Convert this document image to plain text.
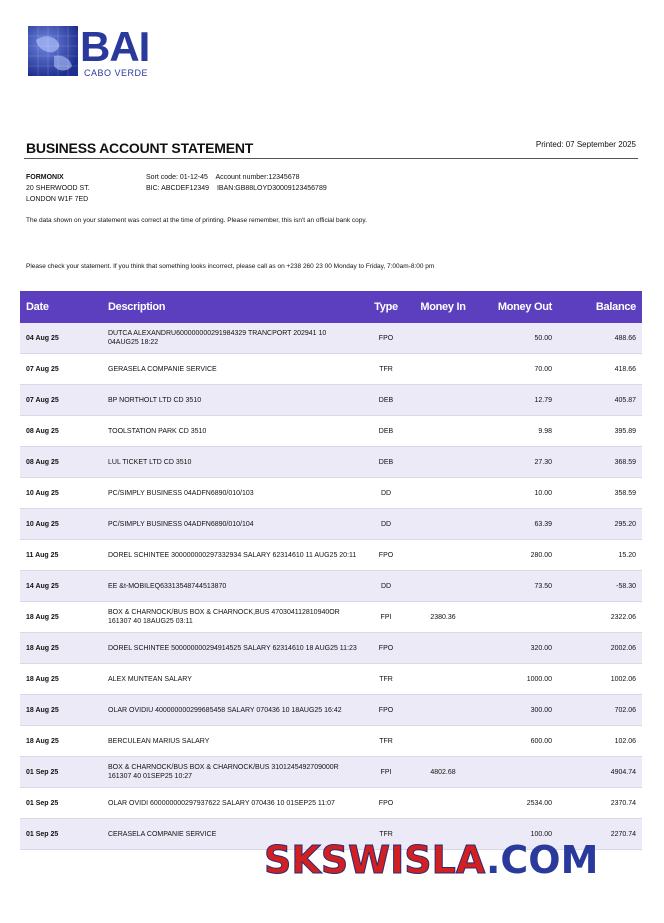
BAI
CABO VERDE
BUSINESS ACCOUNT STATEMENT	Printed: 07 September 2025
FORMONIX
20 SHERWOOD ST.
LONDON W1F 7ED
Sort code: 01-12-45 Account number:12345678
BIC: ABCDEF12349 IBAN:GB88LOYD30009123456789
The data shown on your statement was correct at the time of printing. Please remember, this isn't an official bank copy.
Please check your statement. If you think that something looks incorrect, please call as on +238 260 23 00 Monday to Friday, 7:00am-8:00 pm
Date	Description	Type	Money In	Money Out	Balance
04 Aug 25	DUTCA ALEXANDRU600000000291984329 TRANCPORT 202941 10 04AUG25 18:22	FPO		50.00	488.66
07 Aug 25	GERASELA COMPANIE SERVICE	TFR		70.00	418.66
07 Aug 25	BP NORTHOLT LTD CD 3510	DEB		12.79	405.87
08 Aug 25	TOOLSTATION PARK CD 3510	DEB		9.98	395.89
08 Aug 25	LUL TICKET LTD CD 3510	DEB		27.30	368.59
10 Aug 25	PC/SIMPLY BUSINESS 04ADFN6890/010/103	DD		10.00	358.59
10 Aug 25	PC/SIMPLY BUSINESS 04ADFN6890/010/104	DD		63.39	295.20
11 Aug 25	DOREL SCHINTEE 300000000297332934 SALARY 62314610 11 AUG25 20:11	FPO		280.00	15.20
14 Aug 25	EE &t-MOBILEQ63313548744513870	DD		73.50	-58.30
18 Aug 25	BOX & CHARNOCK/BUS BOX & CHARNOCK,BUS 470304112810940OR 161307 40 18AUG25 03:11	FPI	2380.36		2322.06
18 Aug 25	DOREL SCHINTEE 500000000294914525 SALARY 62314610 18 AUG25 11:23	FPO		320.00	2002.06
18 Aug 25	ALEX MUNTEAN SALARY	TFR		1000.00	1002.06
18 Aug 25	OLAR OVIDIU 400000000299685458 SALARY 070436 10 18AUG25 16:42	FPO		300.00	702.06
18 Aug 25	BERCULEAN MARIUS SALARY	TFR		600.00	102.06
01 Sep 25	BOX & CHARNOCK/BUS BOX & CHARNOCK/BUS 3101245492709000R 161307 40 01SEP25 10:27	FPI	4802.68		4904.74
01 Sep 25	OLAR OVIDI 600000000297937622 SALARY 070436 10 01SEP25 11:07	FPO		2534.00	2370.74
01 Sep 25	CERASELA COMPANIE SERVICE	TFR		100.00	2270.74
SKSWISLA.COM
